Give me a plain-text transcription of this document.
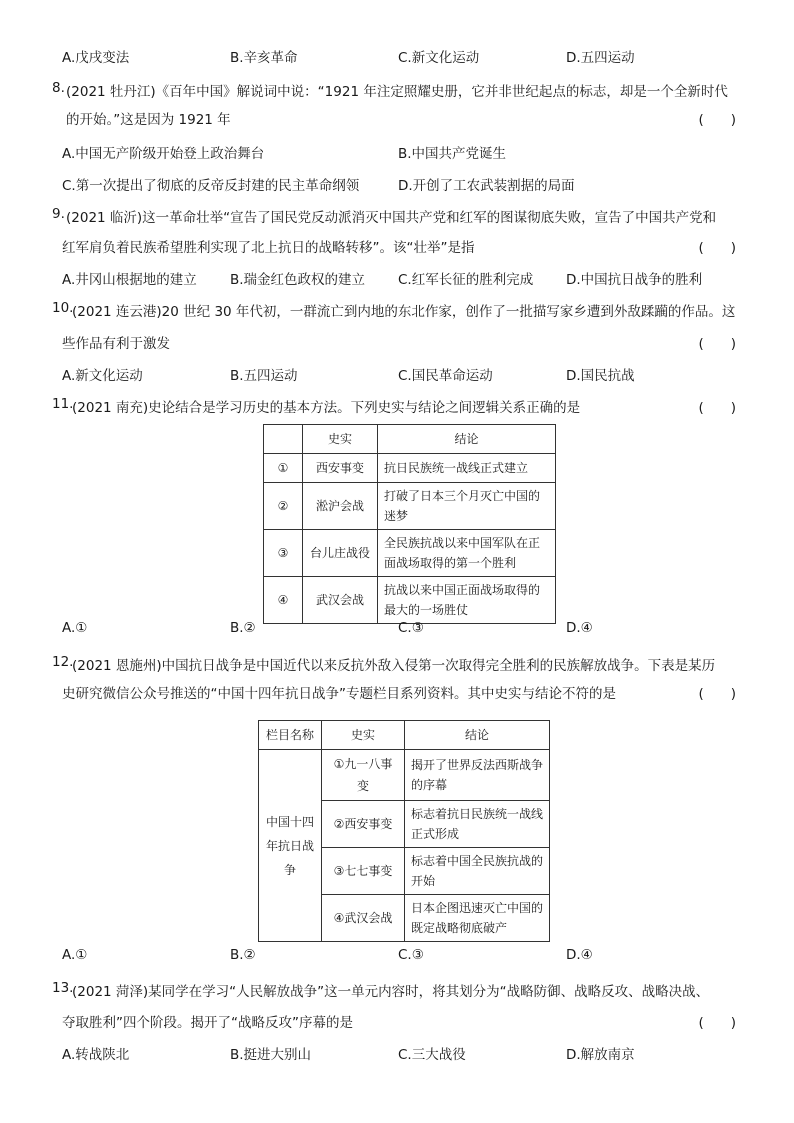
A.戊戌变法	B.辛亥革命	C.新文化运动	D.五四运动
8. (2021 牡丹江)《百年中国》解说词中说：“1921 年注定照耀史册，它并非世纪起点的标志，却是一个全新时代
的开始。”这是因为 1921 年	(　　)
A.中国无产阶级开始登上政治舞台	B.中国共产党诞生
C.第一次提出了彻底的反帝反封建的民主革命纲领	D.开创了工农武装割据的局面
9. (2021 临沂)这一革命壮举“宣告了国民党反动派消灭中国共产党和红军的图谋彻底失败，宣告了中国共产党和
红军肩负着民族希望胜利实现了北上抗日的战略转移”。该“壮举”是指	(　　)
A.井冈山根据地的建立 B.瑞金红色政权的建立 C.红军长征的胜利完成 D.中国抗日战争的胜利
10.
(2021 连云港)20 世纪 30 年代初，一群流亡到内地的东北作家，创作了一批描写家乡遭到外敌蹂躏的作品。这
些作品有利于激发	(　　)
A.新文化运动	B.五四运动	C.国民革命运动	D.国民抗战
11.
(2021 南充)史论结合是学习历史的基本方法。下列史实与结论之间逻辑关系正确的是	(　　)
	史实	结论
①	西安事变	抗日民族统一战线正式建立
②	淞沪会战	打破了日本三个月灭亡中国的迷梦
③	台儿庄战役	全民族抗战以来中国军队在正面战场取得的第一个胜利
④	武汉会战	抗战以来中国正面战场取得的最大的一场胜仗
A.①	B.②	C.③	D.④
12.
(2021 恩施州)中国抗日战争是中国近代以来反抗外敌入侵第一次取得完全胜利的民族解放战争。下表是某历
史研究微信公众号推送的“中国十四年抗日战争”专题栏目系列资料。其中史实与结论不符的是	(　　)
栏目名称	史实	结论
中国十四年抗日战争	①九一八事变	揭开了世界反法西斯战争的序幕
	②西安事变	标志着抗日民族统一战线正式形成
	③七七事变	标志着中国全民族抗战的开始
	④武汉会战	日本企图迅速灭亡中国的既定战略彻底破产
A.①	B.②	C.③	D.④
13.
(2021 菏泽)某同学在学习“人民解放战争”这一单元内容时，将其划分为“战略防御、战略反攻、战略决战、
夺取胜利”四个阶段。揭开了“战略反攻”序幕的是	(　　)
A.转战陕北	B.挺进大别山	C.三大战役	D.解放南京
